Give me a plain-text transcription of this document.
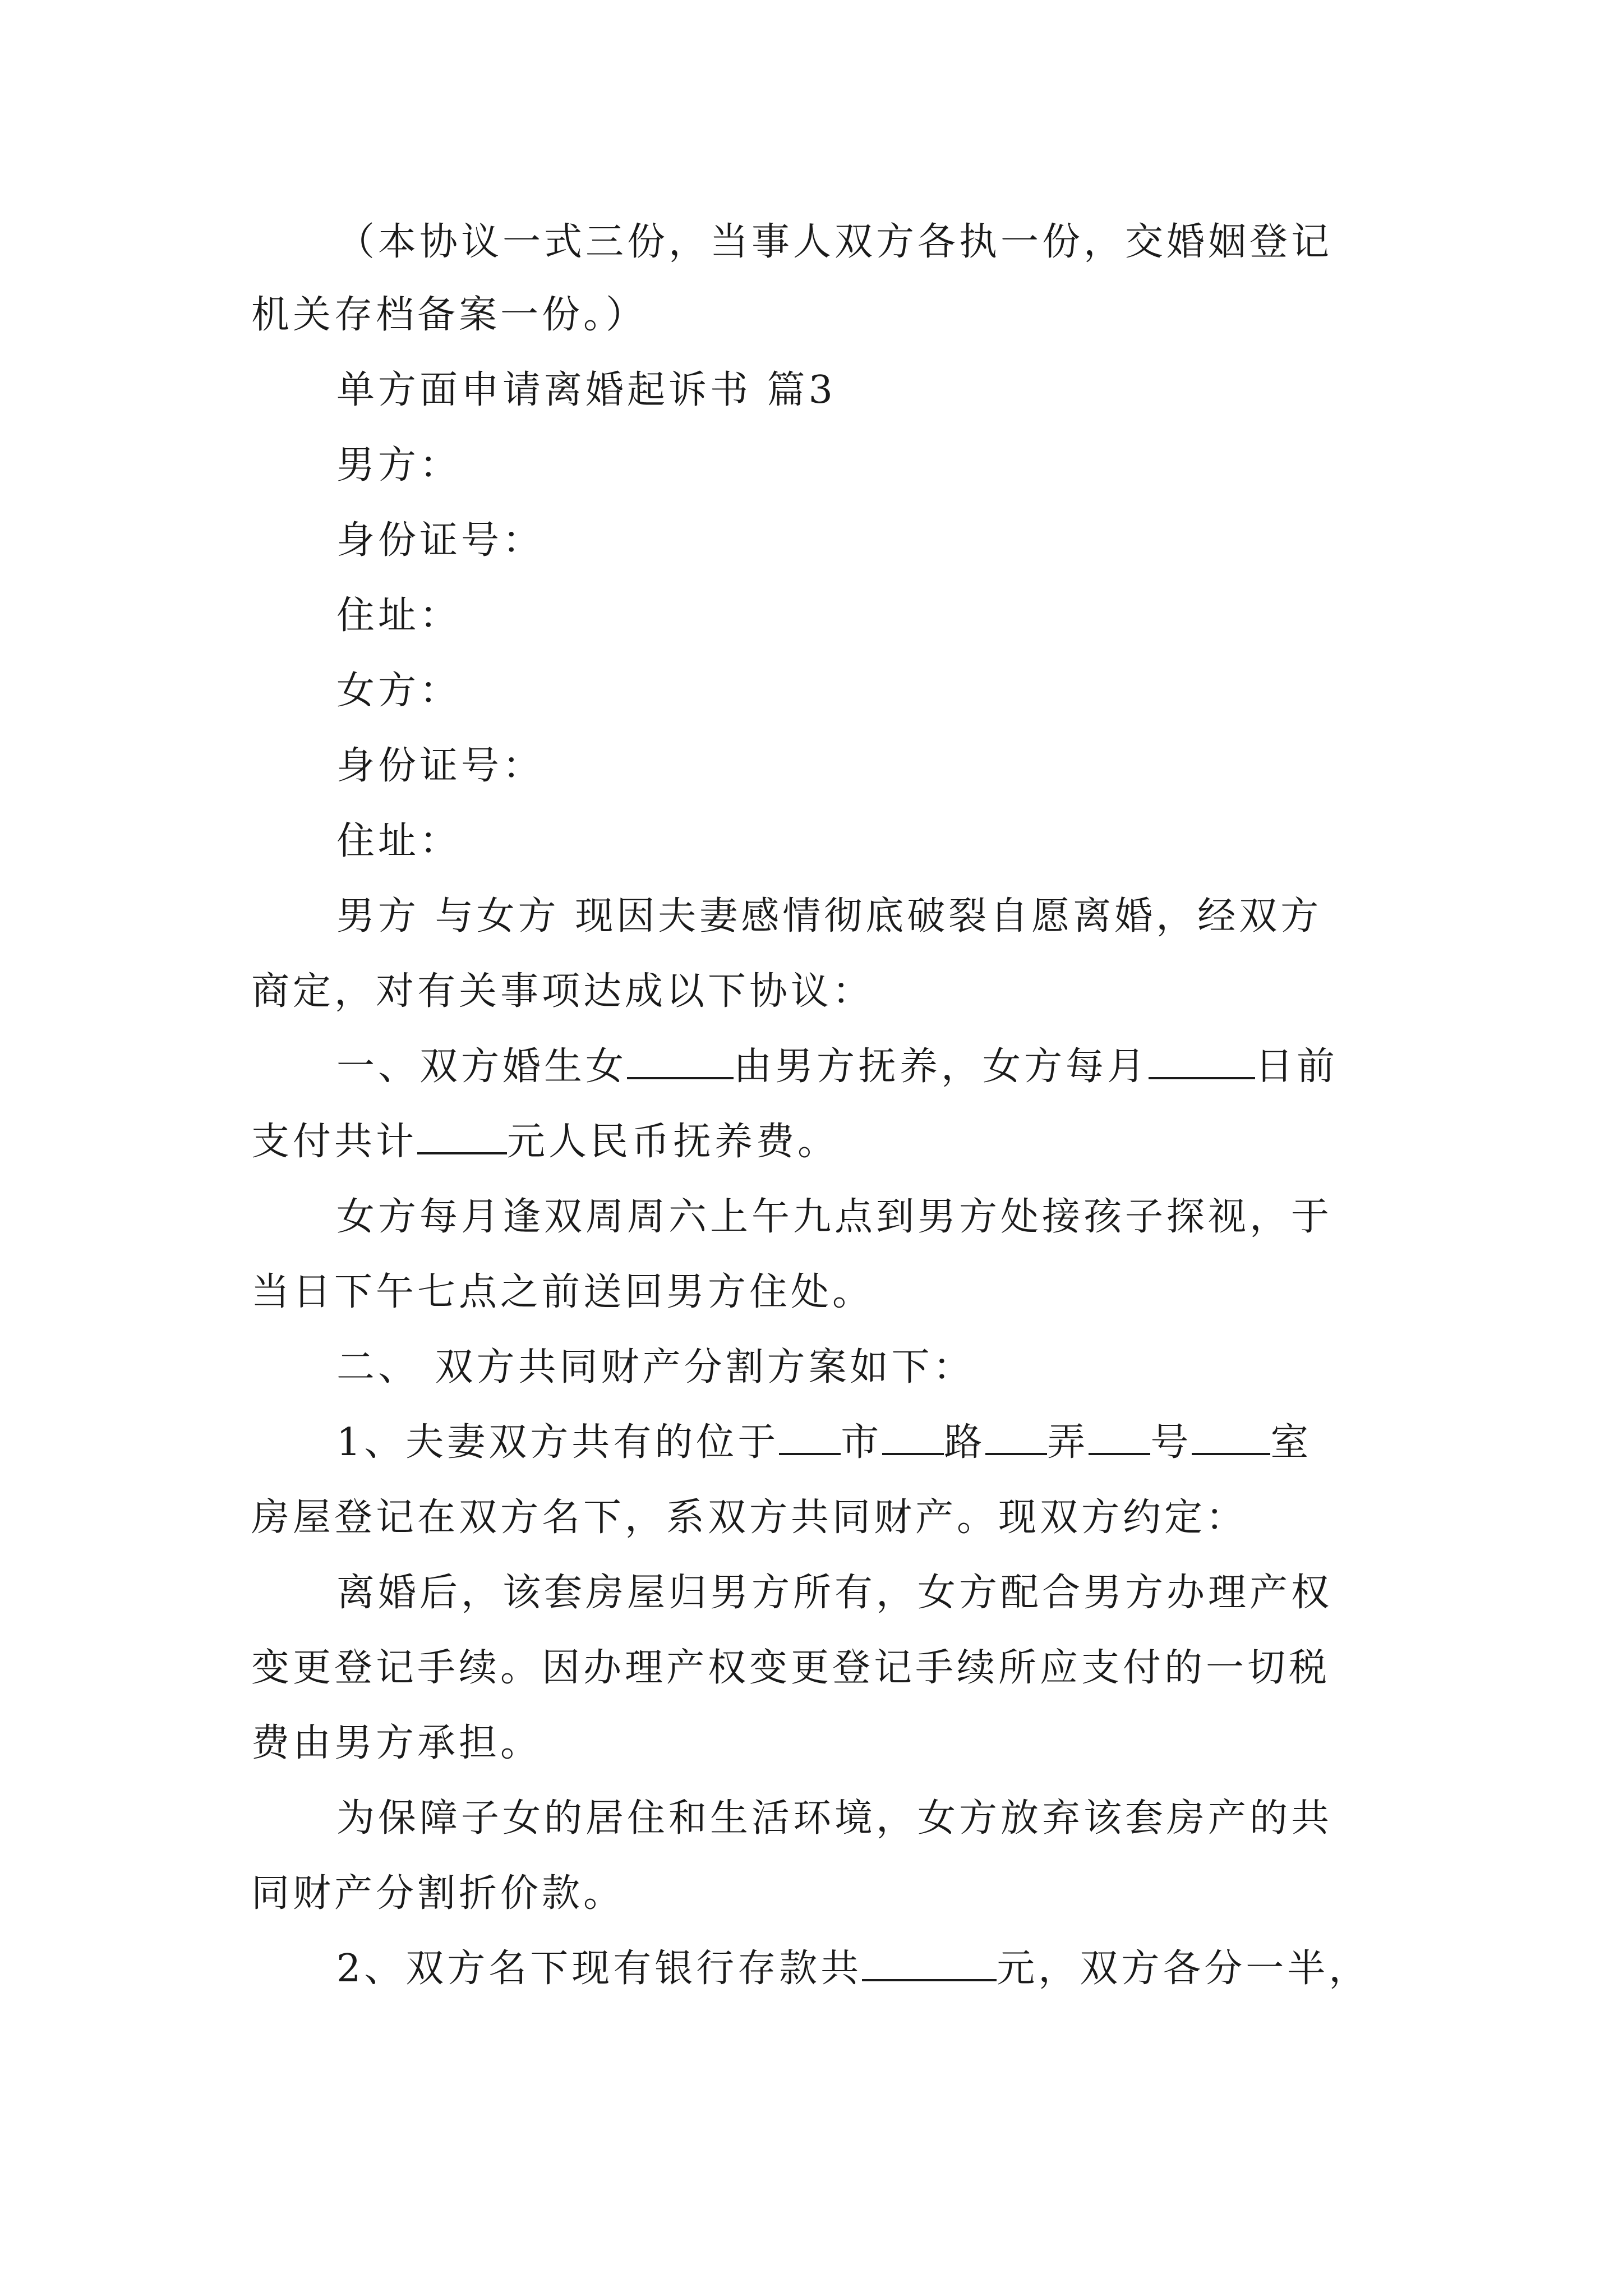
（本协议一式三份，当事人双方各执一份，交婚姻登记

机关存档备案一份。）

单方面申请离婚起诉书 篇3

男方：

身份证号：

住址：

女方：

身份证号：

住址：

男方 与女方 现因夫妻感情彻底破裂自愿离婚，经双方

商定，对有关事项达成以下协议：

一、双方婚生女	由男方抚养，女方每月	日前

支付共计 元人民币抚养费。

女方每月逢双周周六上午九点到男方处接孩子探视，于

当日下午七点之前送回男方住处。

二、 双方共同财产分割方案如下：

1、夫妻双方共有的位于 市 路 弄 号 室

房屋登记在双方名下，系双方共同财产。现双方约定：

离婚后，该套房屋归男方所有，女方配合男方办理产权

变更登记手续。因办理产权变更登记手续所应支付的一切税

费由男方承担。

为保障子女的居住和生活环境，女方放弃该套房产的共

同财产分割折价款。

2、双方名下现有银行存款共	元，双方各分一半，
